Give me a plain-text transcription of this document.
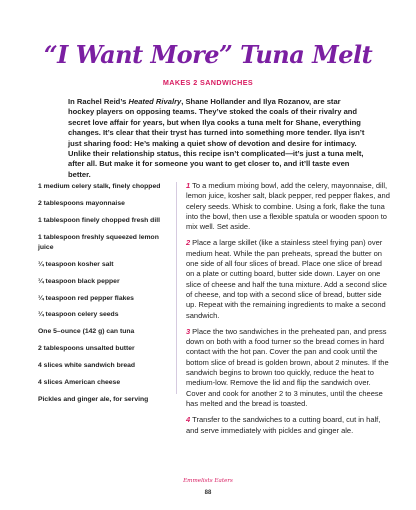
“I Want More” Tuna Melt
MAKES 2 SANDWICHES

In Rachel Reid’s Heated Rivalry, Shane Hollander and Ilya Rozanov, are star hockey players on opposing teams. They’ve stoked the coals of their rivalry and secret love affair for years, but when Ilya cooks a tuna melt for Shane, everything changes. It’s clear that their tryst has turned into something more tender. Ilya isn’t just sharing food: He’s making a quiet show of devotion and desire for intimacy. Unlike their relationship status, this recipe isn’t complicated—it’s just a tuna melt, after all. But make it for someone you want to get closer to, and it’ll taste even better.

1 medium celery stalk, finely chopped
2 tablespoons mayonnaise
1 tablespoon finely chopped fresh dill
1 tablespoon freshly squeezed lemon juice
¼ teaspoon kosher salt
¼ teaspoon black pepper
¼ teaspoon red pepper flakes
¼ teaspoon celery seeds
One 5–ounce (142 g) can tuna
2 tablespoons unsalted butter
4 slices white sandwich bread
4 slices American cheese
Pickles and ginger ale, for serving

1 To a medium mixing bowl, add the celery, mayonnaise, dill, lemon juice, kosher salt, black pepper, red pepper flakes, and celery seeds. Whisk to combine. Using a fork, flake the tuna into the bowl, then use a flexible spatula or wooden spoon to mix well. Set aside.

2 Place a large skillet (like a stainless steel frying pan) over medium heat. While the pan preheats, spread the butter on one side of all four slices of bread. Place one slice of bread on a plate or cutting board, butter side down. Layer on one slice of cheese and half the tuna mixture. Add a second slice of cheese, and top with a second slice of bread, butter side up. Repeat with the remaining ingredients to make a second sandwich.

3 Place the two sandwiches in the preheated pan, and press down on both with a food turner so the bread comes in hard contact with the hot pan. Cover the pan and cook until the bottom slice of bread is golden brown, about 2 minutes. If the sandwich begins to brown too quickly, reduce the heat to medium-low. Remove the lid and flip the sandwich over. Cover and cook for another 2 to 3 minutes, until the cheese has melted and the bread is toasted.

4 Transfer to the sandwiches to a cutting board, cut in half, and serve immediately with pickles and ginger ale.

Emmelists Eaters
88
